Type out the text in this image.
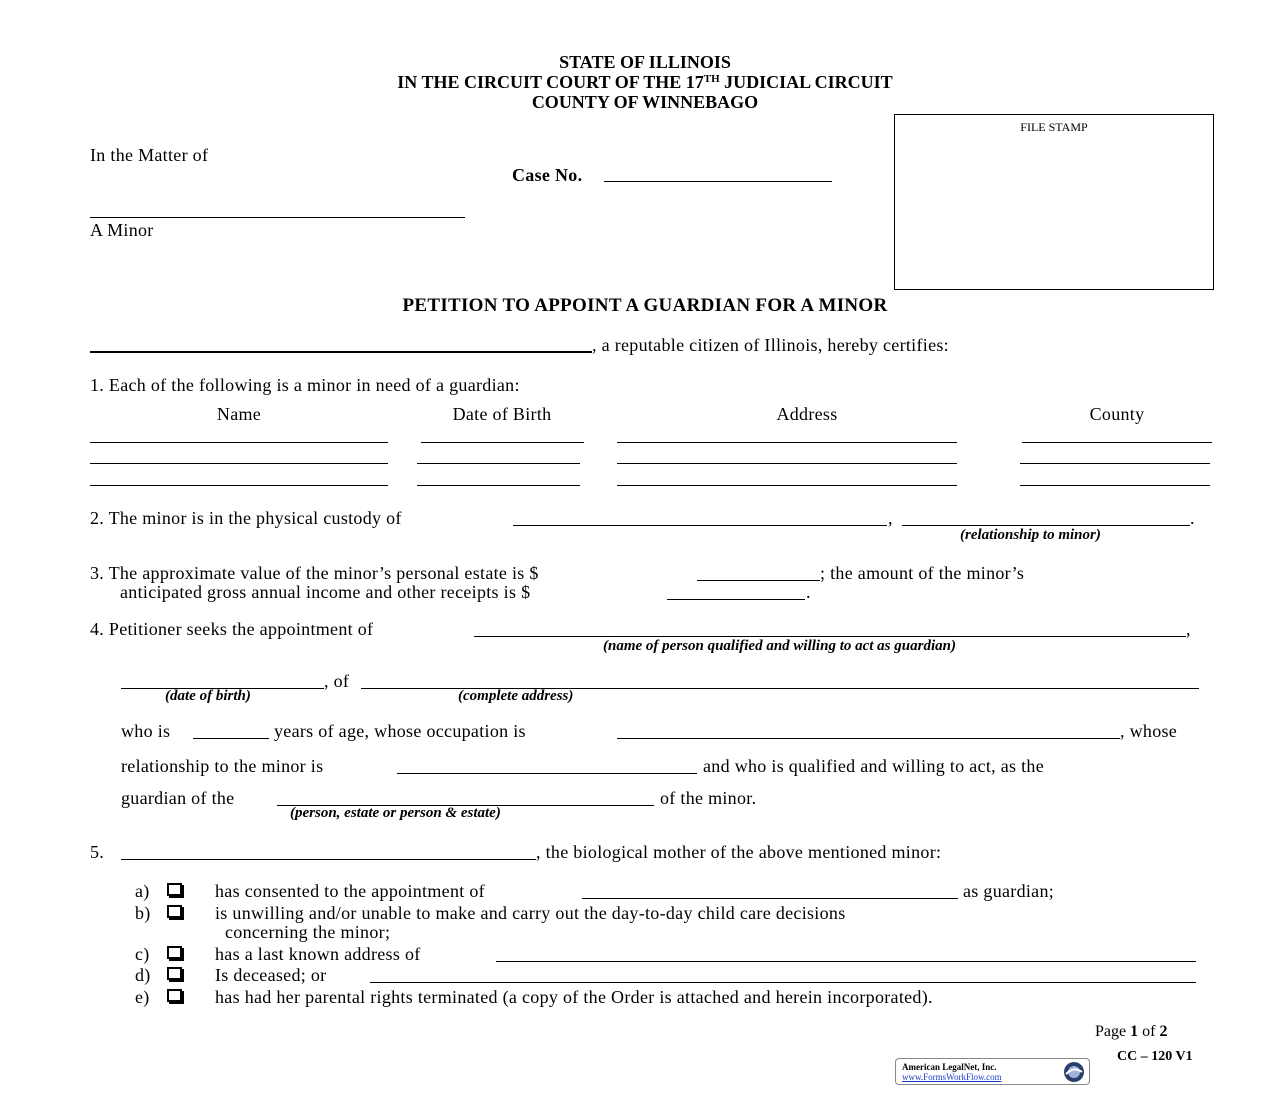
STATE OF ILLINOIS
IN THE CIRCUIT COURT OF THE 17TH JUDICIAL CIRCUIT
COUNTY OF WINNEBAGO
FILE STAMP
In the Matter of
Case No.
A Minor
PETITION TO APPOINT A GUARDIAN FOR A MINOR
, a reputable citizen of Illinois, hereby certifies:
1. Each of the following is a minor in need of a guardian:
Name	Date of Birth	Address	County
2. The minor is in the physical custody of	,	.
(relationship to minor)
3. The approximate value of the minor’s personal estate is $	; the amount of the minor’s
anticipated gross annual income and other receipts is $	.
4. Petitioner seeks the appointment of	,
(name of person qualified and willing to act as guardian)
, of
(date of birth)	(complete address)
who is	years of age, whose occupation is	, whose
relationship to the minor is	and who is qualified and willing to act, as the
guardian of the	of the minor.
(person, estate or person & estate)
5.	, the biological mother of the above mentioned minor:
a)	has consented to the appointment of	as guardian;
b)	is unwilling and/or unable to make and carry out the day-to-day child care decisions
concerning the minor;
c)	has a last known address of
d)	Is deceased; or
e)	has had her parental rights terminated (a copy of the Order is attached and herein incorporated).
Page 1 of 2
CC – 120 V1
American LegalNet, Inc.
www.FormsWorkFlow.com
